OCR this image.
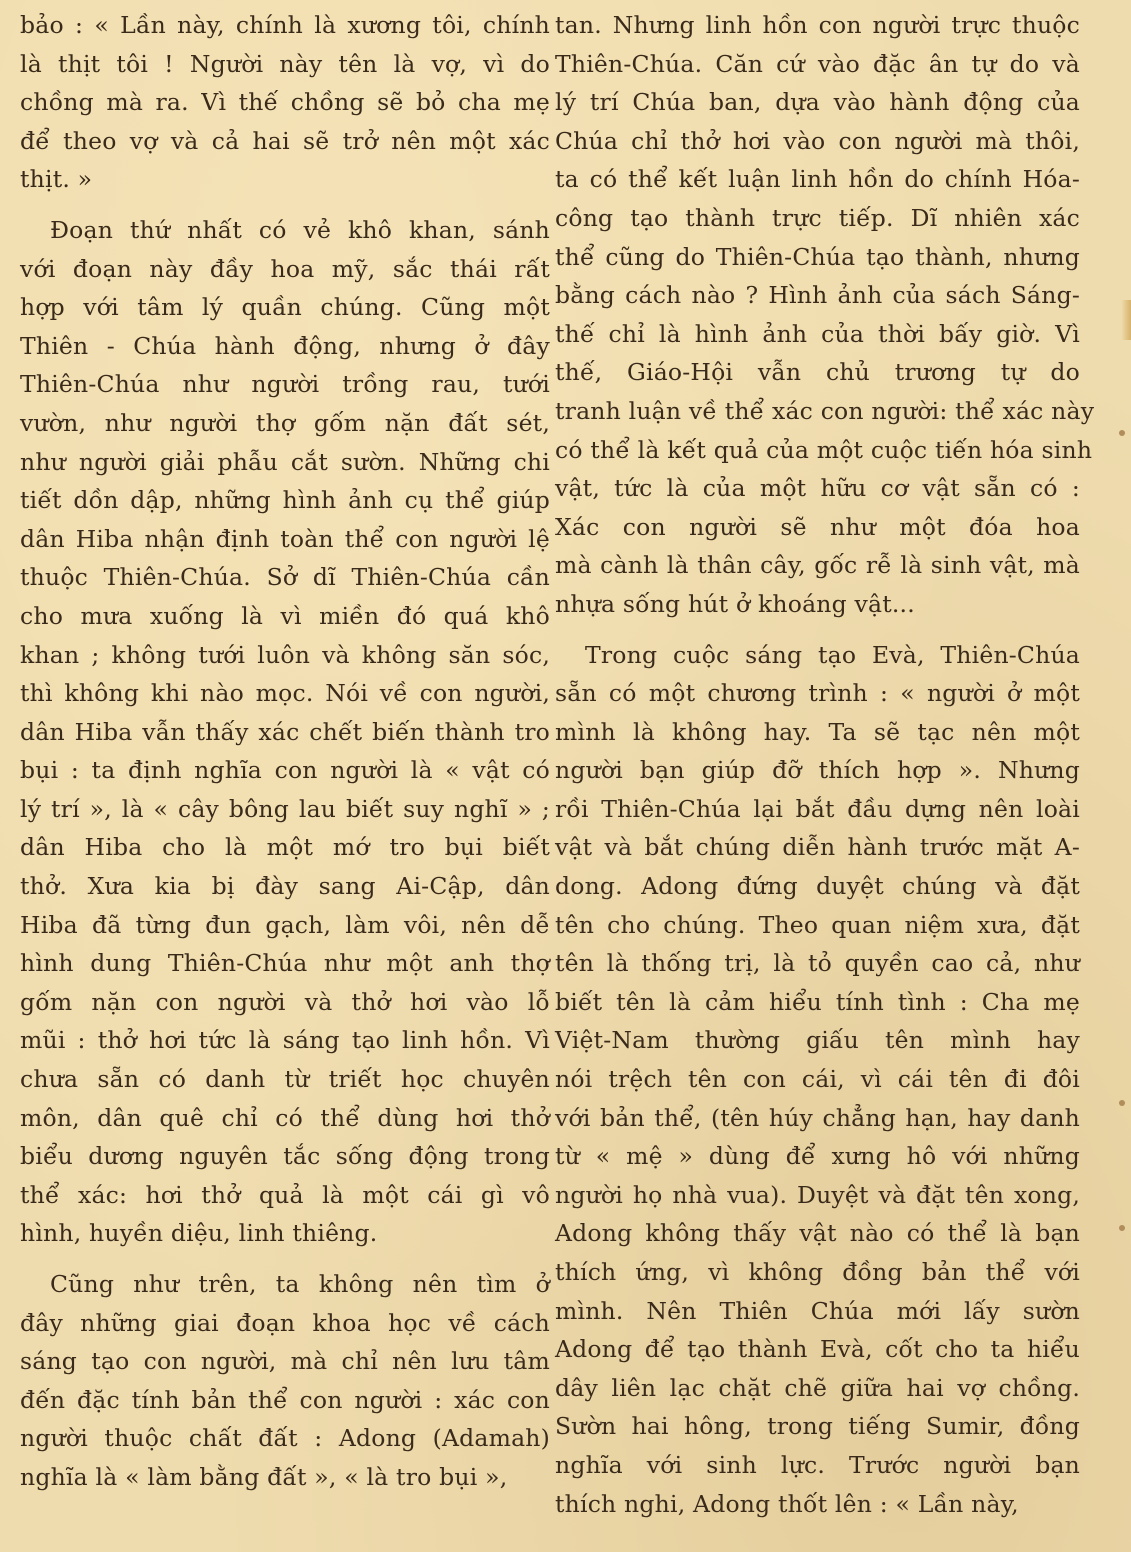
bảo : « Lần này, chính là xương tôi, chính
là thịt tôi ! Người này tên là vợ, vì do
chồng mà ra. Vì thế chồng sẽ bỏ cha mẹ
để theo vợ và cả hai sẽ trở nên một xác
thịt. »
Đoạn thứ nhất có vẻ khô khan, sánh
với đoạn này đầy hoa mỹ, sắc thái rất
hợp với tâm lý quần chúng. Cũng một
Thiên - Chúa hành động, nhưng ở đây
Thiên-Chúa như người trồng rau, tưới
vườn, như người thợ gốm nặn đất sét,
như người giải phẫu cắt sườn. Những chi
tiết dồn dập, những hình ảnh cụ thể giúp
dân Hiba nhận định toàn thể con người lệ
thuộc Thiên-Chúa. Sở dĩ Thiên-Chúa cần
cho mưa xuống là vì miền đó quá khô
khan ; không tưới luôn và không săn sóc,
thì không khi nào mọc. Nói về con người,
dân Hiba vẫn thấy xác chết biến thành tro
bụi : ta định nghĩa con người là « vật có
lý trí », là « cây bông lau biết suy nghĩ » ;
dân Hiba cho là một mớ tro bụi biết
thở. Xưa kia bị đày sang Ai-Cập, dân
Hiba đã từng đun gạch, làm vôi, nên dễ
hình dung Thiên-Chúa như một anh thợ
gốm nặn con người và thở hơi vào lỗ
mũi : thở hơi tức là sáng tạo linh hồn. Vì
chưa sẵn có danh từ triết học chuyên
môn, dân quê chỉ có thể dùng hơi thở
biểu dương nguyên tắc sống động trong
thể xác: hơi thở quả là một cái gì vô
hình, huyền diệu, linh thiêng.
Cũng như trên, ta không nên tìm ở
đây những giai đoạn khoa học về cách
sáng tạo con người, mà chỉ nên lưu tâm
đến đặc tính bản thể con người : xác con
người thuộc chất đất : Adong (Adamah)
nghĩa là « làm bằng đất », « là tro bụi »,
tan. Nhưng linh hồn con người trực thuộc
Thiên-Chúa. Căn cứ vào đặc ân tự do và
lý trí Chúa ban, dựa vào hành động của
Chúa chỉ thở hơi vào con người mà thôi,
ta có thể kết luận linh hồn do chính Hóa-
công tạo thành trực tiếp. Dĩ nhiên xác
thể cũng do Thiên-Chúa tạo thành, nhưng
bằng cách nào ? Hình ảnh của sách Sáng-
thế chỉ là hình ảnh của thời bấy giờ. Vì
thế, Giáo-Hội vẫn chủ trương tự do
tranh luận về thể xác con người: thể xác này
có thể là kết quả của một cuộc tiến hóa sinh
vật, tức là của một hữu cơ vật sẵn có :
Xác con người sẽ như một đóa hoa
mà cành là thân cây, gốc rễ là sinh vật, mà
nhựa sống hút ở khoáng vật...
Trong cuộc sáng tạo Evà, Thiên-Chúa
sẵn có một chương trình : « người ở một
mình là không hay. Ta sẽ tạc nên một
người bạn giúp đỡ thích hợp ». Nhưng
rồi Thiên-Chúa lại bắt đầu dựng nên loài
vật và bắt chúng diễn hành trước mặt A-
dong. Adong đứng duyệt chúng và đặt
tên cho chúng. Theo quan niệm xưa, đặt
tên là thống trị, là tỏ quyền cao cả, như
biết tên là cảm hiểu tính tình : Cha mẹ
Việt-Nam thường giấu tên mình hay
nói trệch tên con cái, vì cái tên đi đôi
với bản thể, (tên húy chẳng hạn, hay danh
từ « mệ » dùng để xưng hô với những
người họ nhà vua). Duyệt và đặt tên xong,
Adong không thấy vật nào có thể là bạn
thích ứng, vì không đồng bản thể với
mình. Nên Thiên Chúa mới lấy sườn
Adong để tạo thành Evà, cốt cho ta hiểu
dây liên lạc chặt chẽ giữa hai vợ chồng.
Sườn hai hông, trong tiếng Sumir, đồng
nghĩa với sinh lực. Trước người bạn
thích nghi, Adong thốt lên : « Lần này,
